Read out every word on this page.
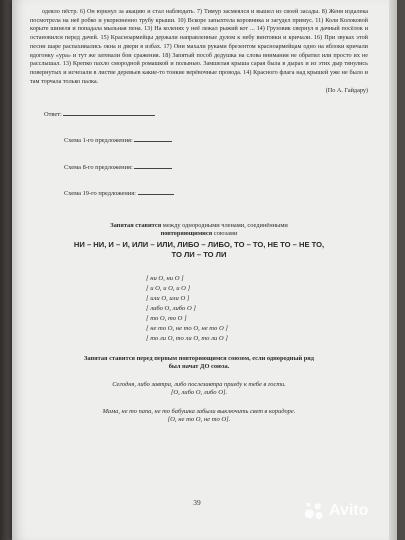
одеяло пёстр. 6) Он юркнул за акацию и стал наблюдать. 7) Тимур засмеялся и вышел из своей засады. 8) Женя издалека посмотрела на неё робко и укоризненно трубу крыши. 10) Вскоре запыхтела коровника и загудел примус. 11) Коля Колоковой корыте шинеля и попадала мыльная пена. 13) На коленях у неё лежал рыжий кот ... 14) Грузовик свернул в дачный посёлок и остановился перед дачей. 15) Красноармейцы держали направленные дулом к небу винтовки и кричали. 16) При звуках этой песни шаре распахивались окна и двери в избах. 17) Они махали руками брезентом красноармейцам одно на яблоки кричали вдогонку «ура» и тут же затевали бои сражения. 18) Запятый пособ дедушка на слова внимания не обратил или просто их не расслышал. 13) Крепко пахло смородной ромашкой и полынью. Замшелая крыша сарая была в дырах и из этих дыр тянулись повернутых и исчезали в листве деревьев какие-то тонкие верёвочные провода. 14) Красного флага над крышей уже не было и там торчала только палка.
(По А. Гайдару)

Ответ:

Схема 1-го предложения:

Схема 8-го предложения:

Схема 19-го предложения:

Запятая ставится между однородными членами, соединёнными
повторяющимися союзами

НИ – НИ, И – И, ИЛИ – ИЛИ, ЛИБО – ЛИБО, ТО – ТО, НЕ ТО – НЕ ТО,
ТО ЛИ – ТО ЛИ

[ ни О, ни О ]
[ и О, и О, и О ]
[ или О, или О ]
[ либо О, либо О ]
[ то О, то О ]
[ не то О, не то О, не то О ]
[ то ли О, то ли О, то ли О ]

Запятая ставится перед первым повторяющимся союзом, если однородный ряд
был начат ДО союза.

Сегодня, либо завтра, либо послезавтра приеду к тебе в гости.

[О, либо О, либо О].

Мама, не то папа, не то бабушка забыли выключить свет в коридоре.

[О, не то О, не то О].

39	Avito
